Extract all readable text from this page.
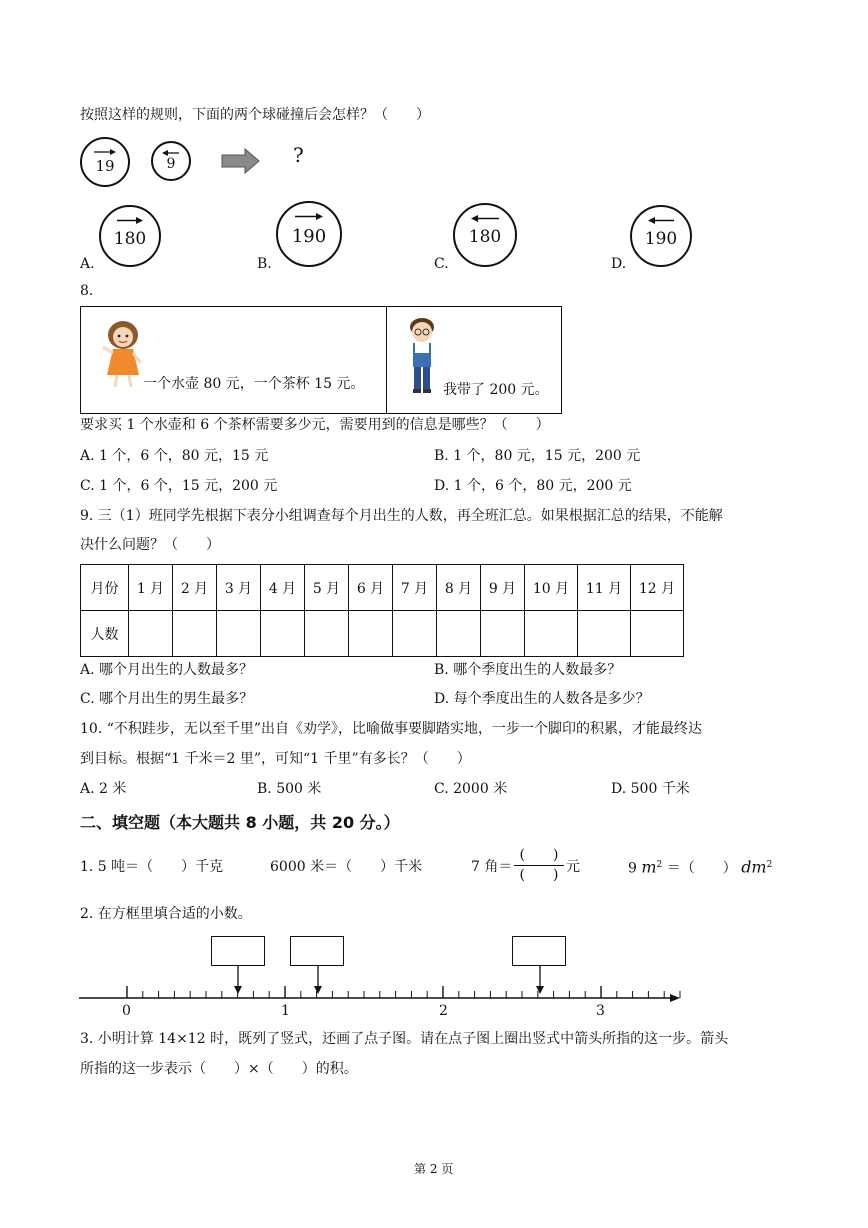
按照这样的规则，下面的两个球碰撞后会怎样？（　　）
19	9	?
A.
180
B.
190
C.
180
D.
190
8.
一个水壶 80 元，一个茶杯 15 元。	我带了 200 元。
要求买 1 个水壶和 6 个茶杯需要多少元，需要用到的信息是哪些？（　　）
A. 1 个，6 个，80 元，15 元	B. 1 个，80 元，15 元，200 元
C. 1 个，6 个，15 元，200 元	D. 1 个，6 个，80 元，200 元
9. 三（1）班同学先根据下表分小组调查每个月出生的人数，再全班汇总。如果根据汇总的结果，不能解
决什么问题？（　　）
月份	1 月	2 月	3 月	4 月	5 月	6 月	7 月	8 月	9 月	10 月	11 月	12 月
人数												
A. 哪个月出生的人数最多？	B. 哪个季度出生的人数最多？
C. 哪个月出生的男生最多？	D. 每个季度出生的人数各是多少？
10. “不积跬步，无以至千里”出自《劝学》，比喻做事要脚踏实地，一步一个脚印的积累，才能最终达
到目标。根据“1 千米＝2 里”，可知“1 千里”有多长？（　　）
A. 2 米	B. 500 米	C. 2000 米	D. 500 千米
二、填空题（本大题共 8 小题，共 20 分。）
1. 5 吨＝（　　）千克	6000 米＝（　　）千米	7 角＝
(　　)
(　　) 元	9 $m^2$ ＝（　　） $dm^2$
2. 在方框里填合适的小数。
0	1	2	3
3. 小明计算 14×12 时，既列了竖式，还画了点子图。请在点子图上圈出竖式中箭头所指的这一步。箭头
所指的这一步表示（　　）×（　　）的积。
第 2 页
